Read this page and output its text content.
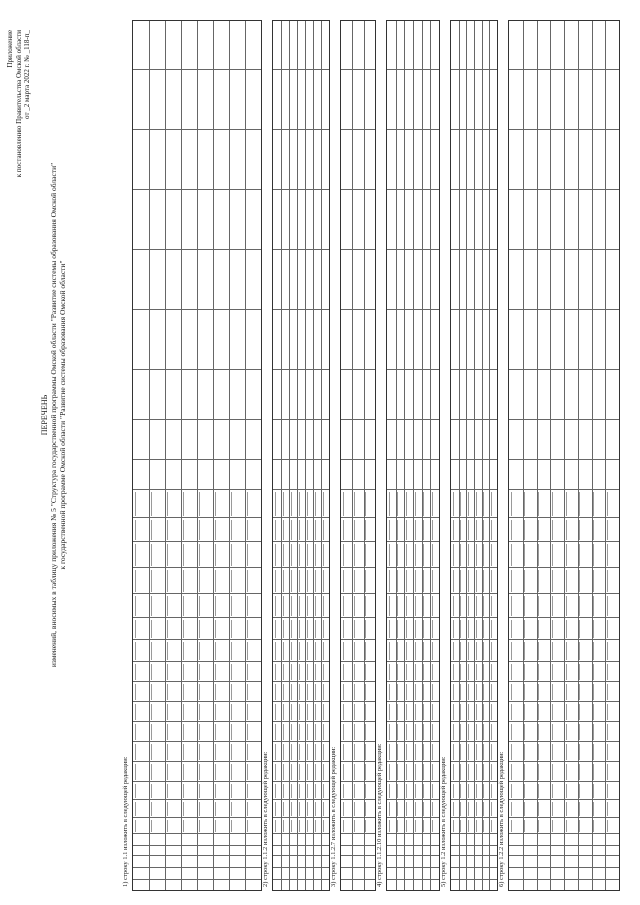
Приложение к постановлению Правительства Омской области от _2 марта 2022 г. № _118-п_
ПЕРЕЧЕНЬ изменений, вносимых в таблицу приложения № 5 "Структура государственной программы Омской области "Развитие системы образования Омской области" к государственной программе Омской области "Развитие системы образования Омской области"
1) строку 1.1 изложить в следующей редакции:	2) строку 1.1.2 изложить в следующей редакции:	3) строку 1.1.2.7 изложить в следующей редакции:	4) строку 1.1.2.10 изложить в следующей редакции:	5) строку 1.2 изложить в следующей редакции:	6) строку 1.2.2 изложить в следующей редакции:
